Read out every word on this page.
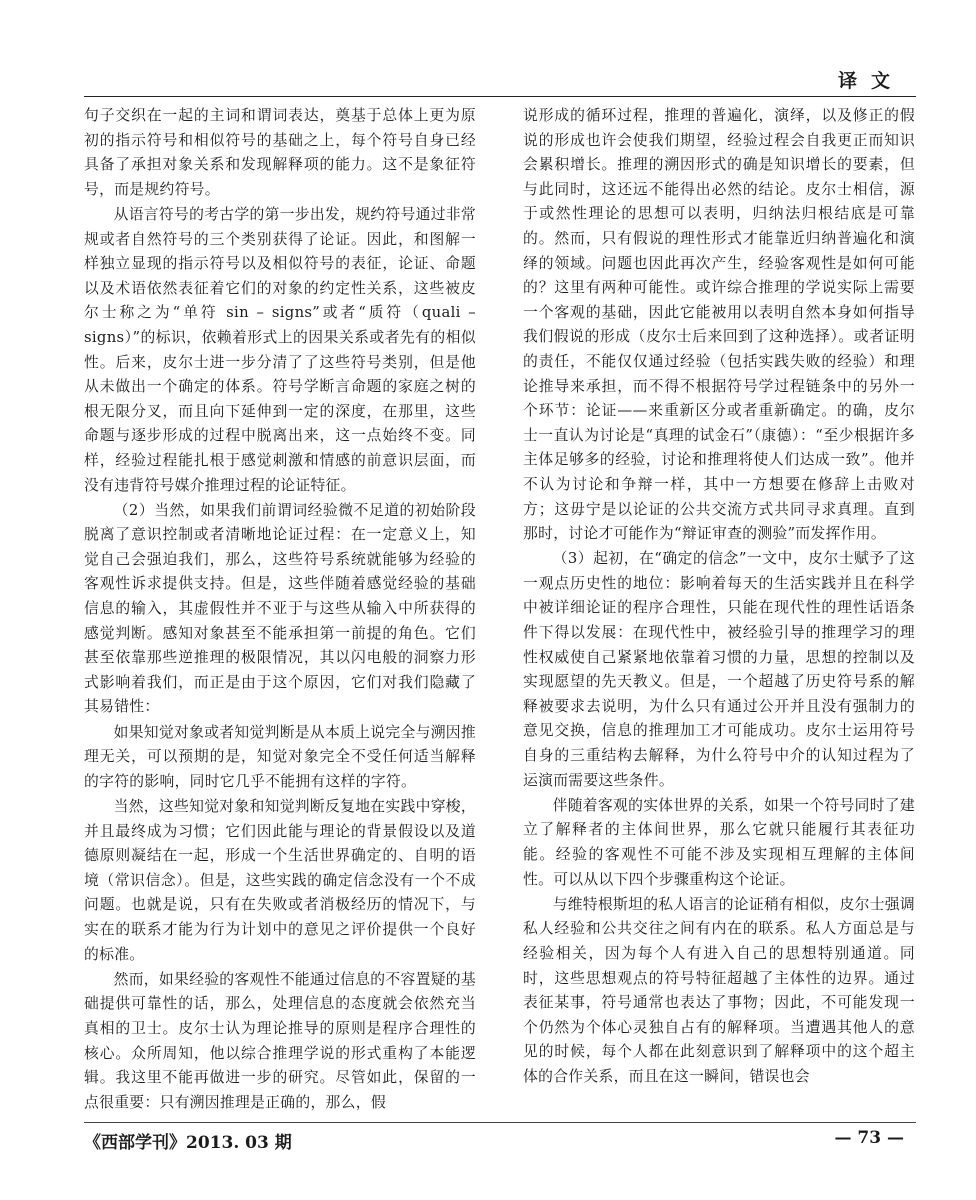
译文

句子交织在一起的主词和谓词表达，奠基于总体上更为原初的指示符号和相似符号的基础之上，每个符号自身已经具备了承担对象关系和发现解释项的能力。这不是象征符号，而是规约符号。

从语言符号的考古学的第一步出发，规约符号通过非常规或者自然符号的三个类别获得了论证。因此，和图解一样独立显现的指示符号以及相似符号的表征，论证、命题以及术语依然表征着它们的对象的约定性关系，这些被皮尔士称之为“单符 sin – signs”或者“质符（quali – signs）”的标识，依赖着形式上的因果关系或者先有的相似性。后来，皮尔士进一步分清了了这些符号类别，但是他从未做出一个确定的体系。符号学断言命题的家庭之树的根无限分叉，而且向下延伸到一定的深度，在那里，这些命题与逐步形成的过程中脱离出来，这一点始终不变。同样，经验过程能扎根于感觉刺激和情感的前意识层面，而没有违背符号媒介推理过程的论证特征。

（2）当然，如果我们前谓词经验微不足道的初始阶段脱离了意识控制或者清晰地论证过程：在一定意义上，知觉自己会强迫我们，那么，这些符号系统就能够为经验的客观性诉求提供支持。但是，这些伴随着感觉经验的基础信息的输入，其虚假性并不亚于与这些从输入中所获得的感觉判断。感知对象甚至不能承担第一前提的角色。它们甚至依靠那些逆推理的极限情况，其以闪电般的洞察力形式影响着我们，而正是由于这个原因，它们对我们隐藏了其易错性：

如果知觉对象或者知觉判断是从本质上说完全与溯因推理无关，可以预期的是，知觉对象完全不受任何适当解释的字符的影响，同时它几乎不能拥有这样的字符。

当然，这些知觉对象和知觉判断反复地在实践中穿梭，并且最终成为习惯；它们因此能与理论的背景假设以及道德原则凝结在一起，形成一个生活世界确定的、自明的语境（常识信念）。但是，这些实践的确定信念没有一个不成问题。也就是说，只有在失败或者消极经历的情况下，与实在的联系才能为行为计划中的意见之评价提供一个良好的标准。

然而，如果经验的客观性不能通过信息的不容置疑的基础提供可靠性的话，那么，处理信息的态度就会依然充当真相的卫士。皮尔士认为理论推导的原则是程序合理性的核心。众所周知，他以综合推理学说的形式重构了本能逻辑。我这里不能再做进一步的研究。尽管如此，保留的一点很重要：只有溯因推理是正确的，那么，假

说形成的循环过程，推理的普遍化，演绎，以及修正的假说的形成也许会使我们期望，经验过程会自我更正而知识会累积增长。推理的溯因形式的确是知识增长的要素，但与此同时，这还远不能得出必然的结论。皮尔士相信，源于或然性理论的思想可以表明，归纳法归根结底是可靠的。然而，只有假说的理性形式才能靠近归纳普遍化和演绎的领域。问题也因此再次产生，经验客观性是如何可能的？这里有两种可能性。或许综合推理的学说实际上需要一个客观的基础，因此它能被用以表明自然本身如何指导我们假说的形成（皮尔士后来回到了这种选择）。或者证明的责任，不能仅仅通过经验（包括实践失败的经验）和理论推导来承担，而不得不根据符号学过程链条中的另外一个环节：论证——来重新区分或者重新确定。的确，皮尔士一直认为讨论是“真理的试金石”（康德）：“至少根据许多主体足够多的经验，讨论和推理将使人们达成一致”。他并不认为讨论和争辩一样，其中一方想要在修辞上击败对方；这毋宁是以论证的公共交流方式共同寻求真理。直到那时，讨论才可能作为“辩证审查的测验”而发挥作用。

（3）起初，在“确定的信念”一文中，皮尔士赋予了这一观点历史性的地位：影响着每天的生活实践并且在科学中被详细论证的程序合理性，只能在现代性的理性话语条件下得以发展：在现代性中，被经验引导的推理学习的理性权威使自己紧紧地依靠着习惯的力量，思想的控制以及实现愿望的先天教义。但是，一个超越了历史符号系的解释被要求去说明，为什么只有通过公开并且没有强制力的意见交换，信息的推理加工才可能成功。皮尔士运用符号自身的三重结构去解释，为什么符号中介的认知过程为了运演而需要这些条件。

伴随着客观的实体世界的关系，如果一个符号同时了建立了解释者的主体间世界，那么它就只能履行其表征功能。经验的客观性不可能不涉及实现相互理解的主体间性。可以从以下四个步骤重构这个论证。

与维特根斯坦的私人语言的论证稍有相似，皮尔士强调私人经验和公共交往之间有内在的联系。私人方面总是与经验相关，因为每个人有进入自己的思想特别通道。同时，这些思想观点的符号特征超越了主体性的边界。通过表征某事，符号通常也表达了事物；因此，不可能发现一个仍然为个体心灵独自占有的解释项。当遭遇其他人的意见的时候，每个人都在此刻意识到了解释项中的这个超主体的合作关系，而且在这一瞬间，错误也会

《西部学刊》2013. 03 期	— 73 —
